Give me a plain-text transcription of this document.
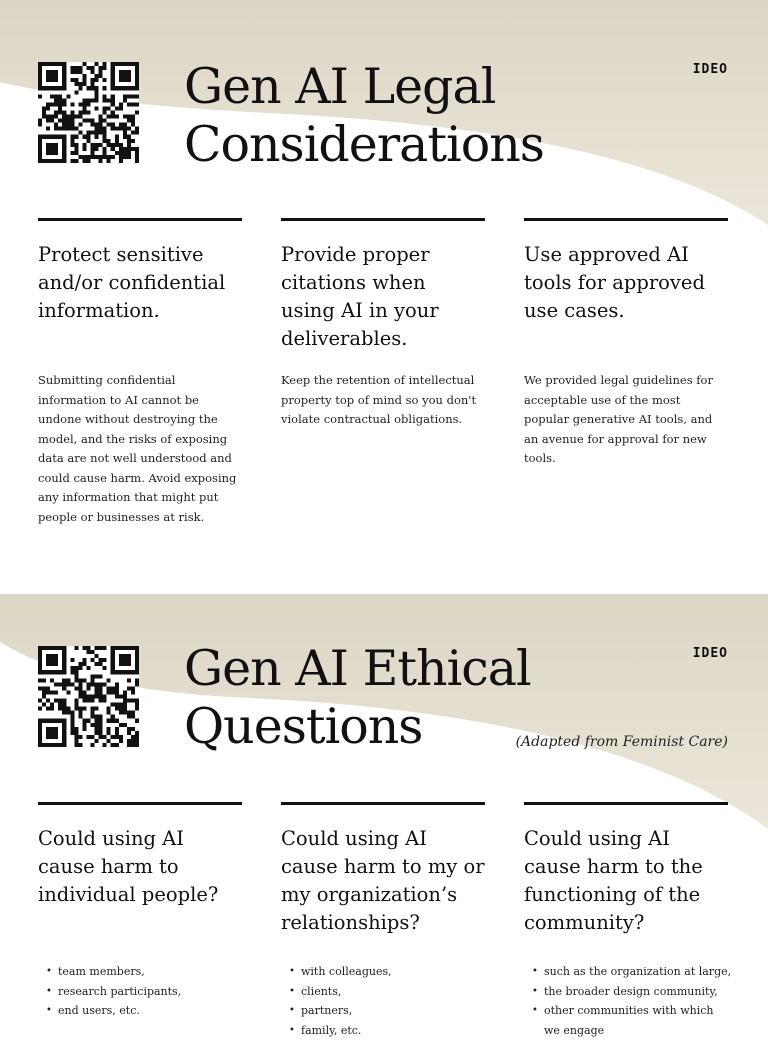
IDEO
Gen AI Legal
Considerations
Protect sensitive and/or confidential information.
Submitting confidential information to AI cannot be undone without destroying the model, and the risks of exposing data are not well understood and could cause harm. Avoid exposing any information that might put people or businesses at risk.
Provide proper citations when using AI in your deliverables.
Keep the retention of intellectual property top of mind so you don't violate contractual obligations.
Use approved AI tools for approved use cases.
We provided legal guidelines for acceptable use of the most popular generative AI tools, and an avenue for approval for new tools.
IDEO
Gen AI Ethical
Questions	(Adapted from Feminist Care)
Could using AI cause harm to individual people?
• team members,
• research participants,
• end users, etc.
Could using AI cause harm to my or my organization’s relationships?
• with colleagues,
• clients,
• partners,
• family, etc.
Could using AI cause harm to the functioning of the community?
• such as the organization at large,
• the broader design community,
• other communities with which we engage
